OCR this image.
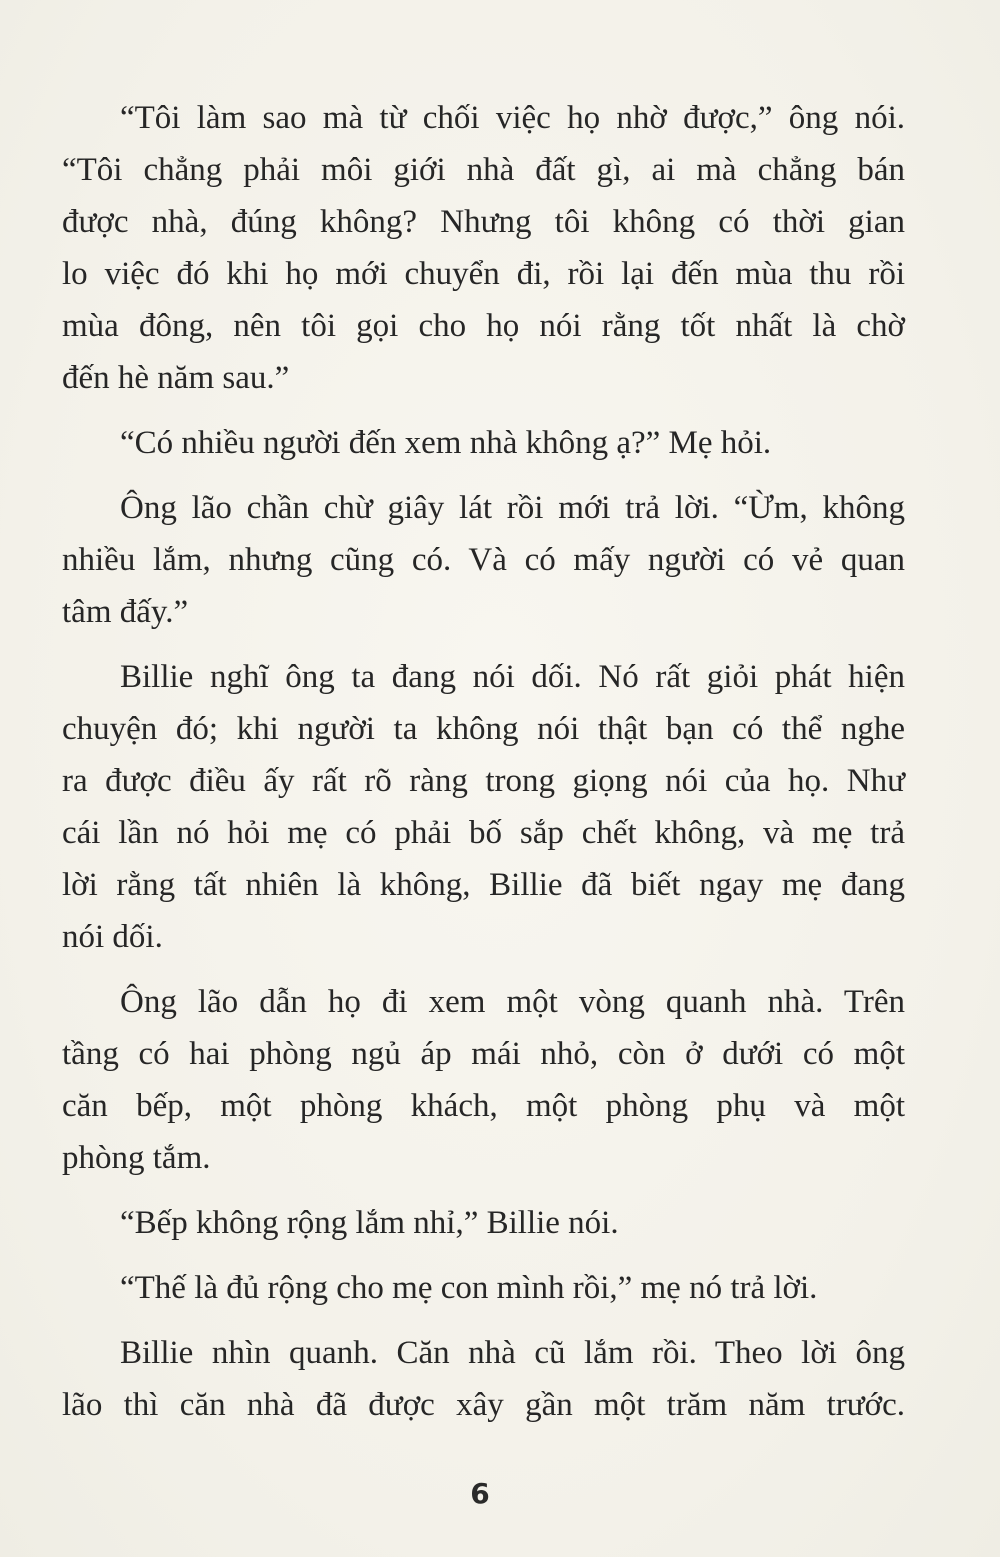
“Tôi làm sao mà từ chối việc họ nhờ được,” ông nói.
“Tôi chẳng phải môi giới nhà đất gì, ai mà chẳng bán
được nhà, đúng không? Nhưng tôi không có thời gian
lo việc đó khi họ mới chuyển đi, rồi lại đến mùa thu rồi
mùa đông, nên tôi gọi cho họ nói rằng tốt nhất là chờ
đến hè năm sau.”
“Có nhiều người đến xem nhà không ạ?” Mẹ hỏi.
Ông lão chần chừ giây lát rồi mới trả lời. “Ừm, không
nhiều lắm, nhưng cũng có. Và có mấy người có vẻ quan
tâm đấy.”
Billie nghĩ ông ta đang nói dối. Nó rất giỏi phát hiện
chuyện đó; khi người ta không nói thật bạn có thể nghe
ra được điều ấy rất rõ ràng trong giọng nói của họ. Như
cái lần nó hỏi mẹ có phải bố sắp chết không, và mẹ trả
lời rằng tất nhiên là không, Billie đã biết ngay mẹ đang
nói dối.
Ông lão dẫn họ đi xem một vòng quanh nhà. Trên
tầng có hai phòng ngủ áp mái nhỏ, còn ở dưới có một
căn bếp, một phòng khách, một phòng phụ và một
phòng tắm.
“Bếp không rộng lắm nhỉ,” Billie nói.
“Thế là đủ rộng cho mẹ con mình rồi,” mẹ nó trả lời.
Billie nhìn quanh. Căn nhà cũ lắm rồi. Theo lời ông
lão thì căn nhà đã được xây gần một trăm năm trước.
6
